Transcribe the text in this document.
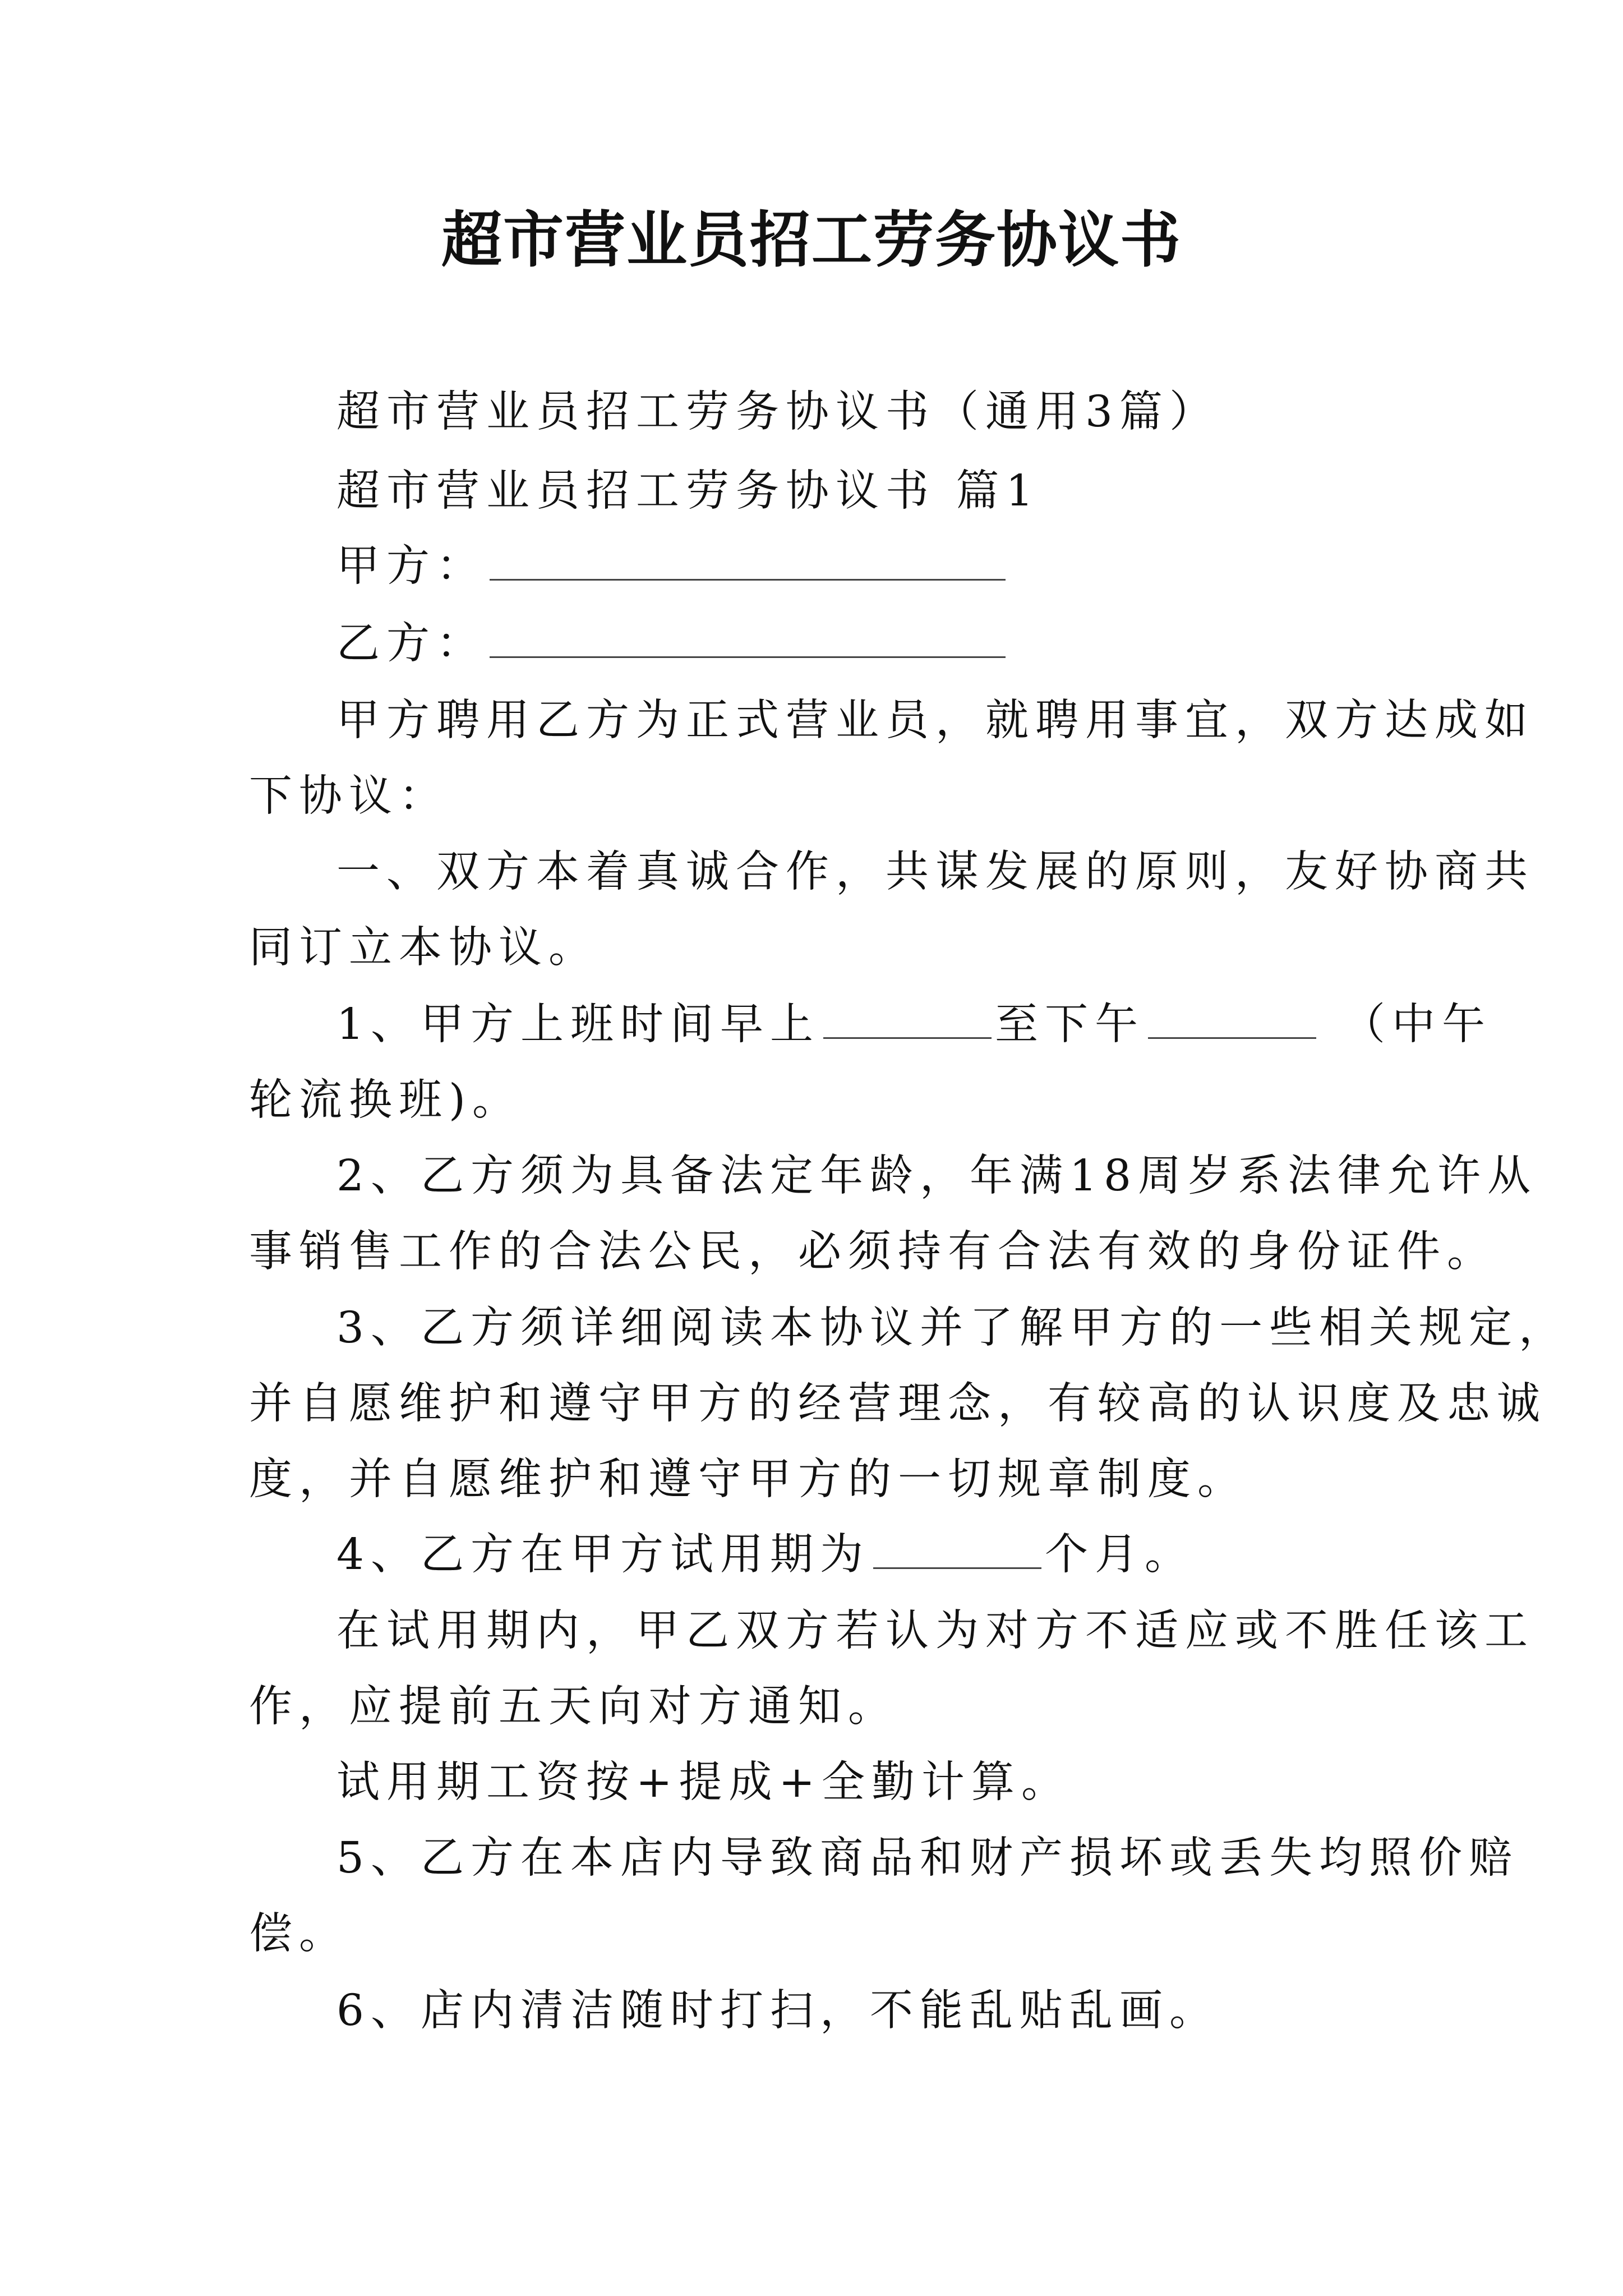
超市营业员招工劳务协议书
超市营业员招工劳务协议书（通用3篇）
超市营业员招工劳务协议书 篇1
甲方：
乙方：
甲方聘用乙方为正式营业员，就聘用事宜，双方达成如
下协议：
一、双方本着真诚合作，共谋发展的原则，友好协商共
同订立本协议。
1、甲方上班时间早上	至下午	（中午
轮流换班)。
2、乙方须为具备法定年龄，年满18周岁系法律允许从
事销售工作的合法公民，必须持有合法有效的身份证件。
3、乙方须详细阅读本协议并了解甲方的一些相关规定，
并自愿维护和遵守甲方的经营理念，有较高的认识度及忠诚
度，并自愿维护和遵守甲方的一切规章制度。
4、乙方在甲方试用期为	个月。
在试用期内，甲乙双方若认为对方不适应或不胜任该工
作，应提前五天向对方通知。
试用期工资按+提成+全勤计算。
5、乙方在本店内导致商品和财产损坏或丢失均照价赔
偿。
6、店内清洁随时打扫，不能乱贴乱画。
